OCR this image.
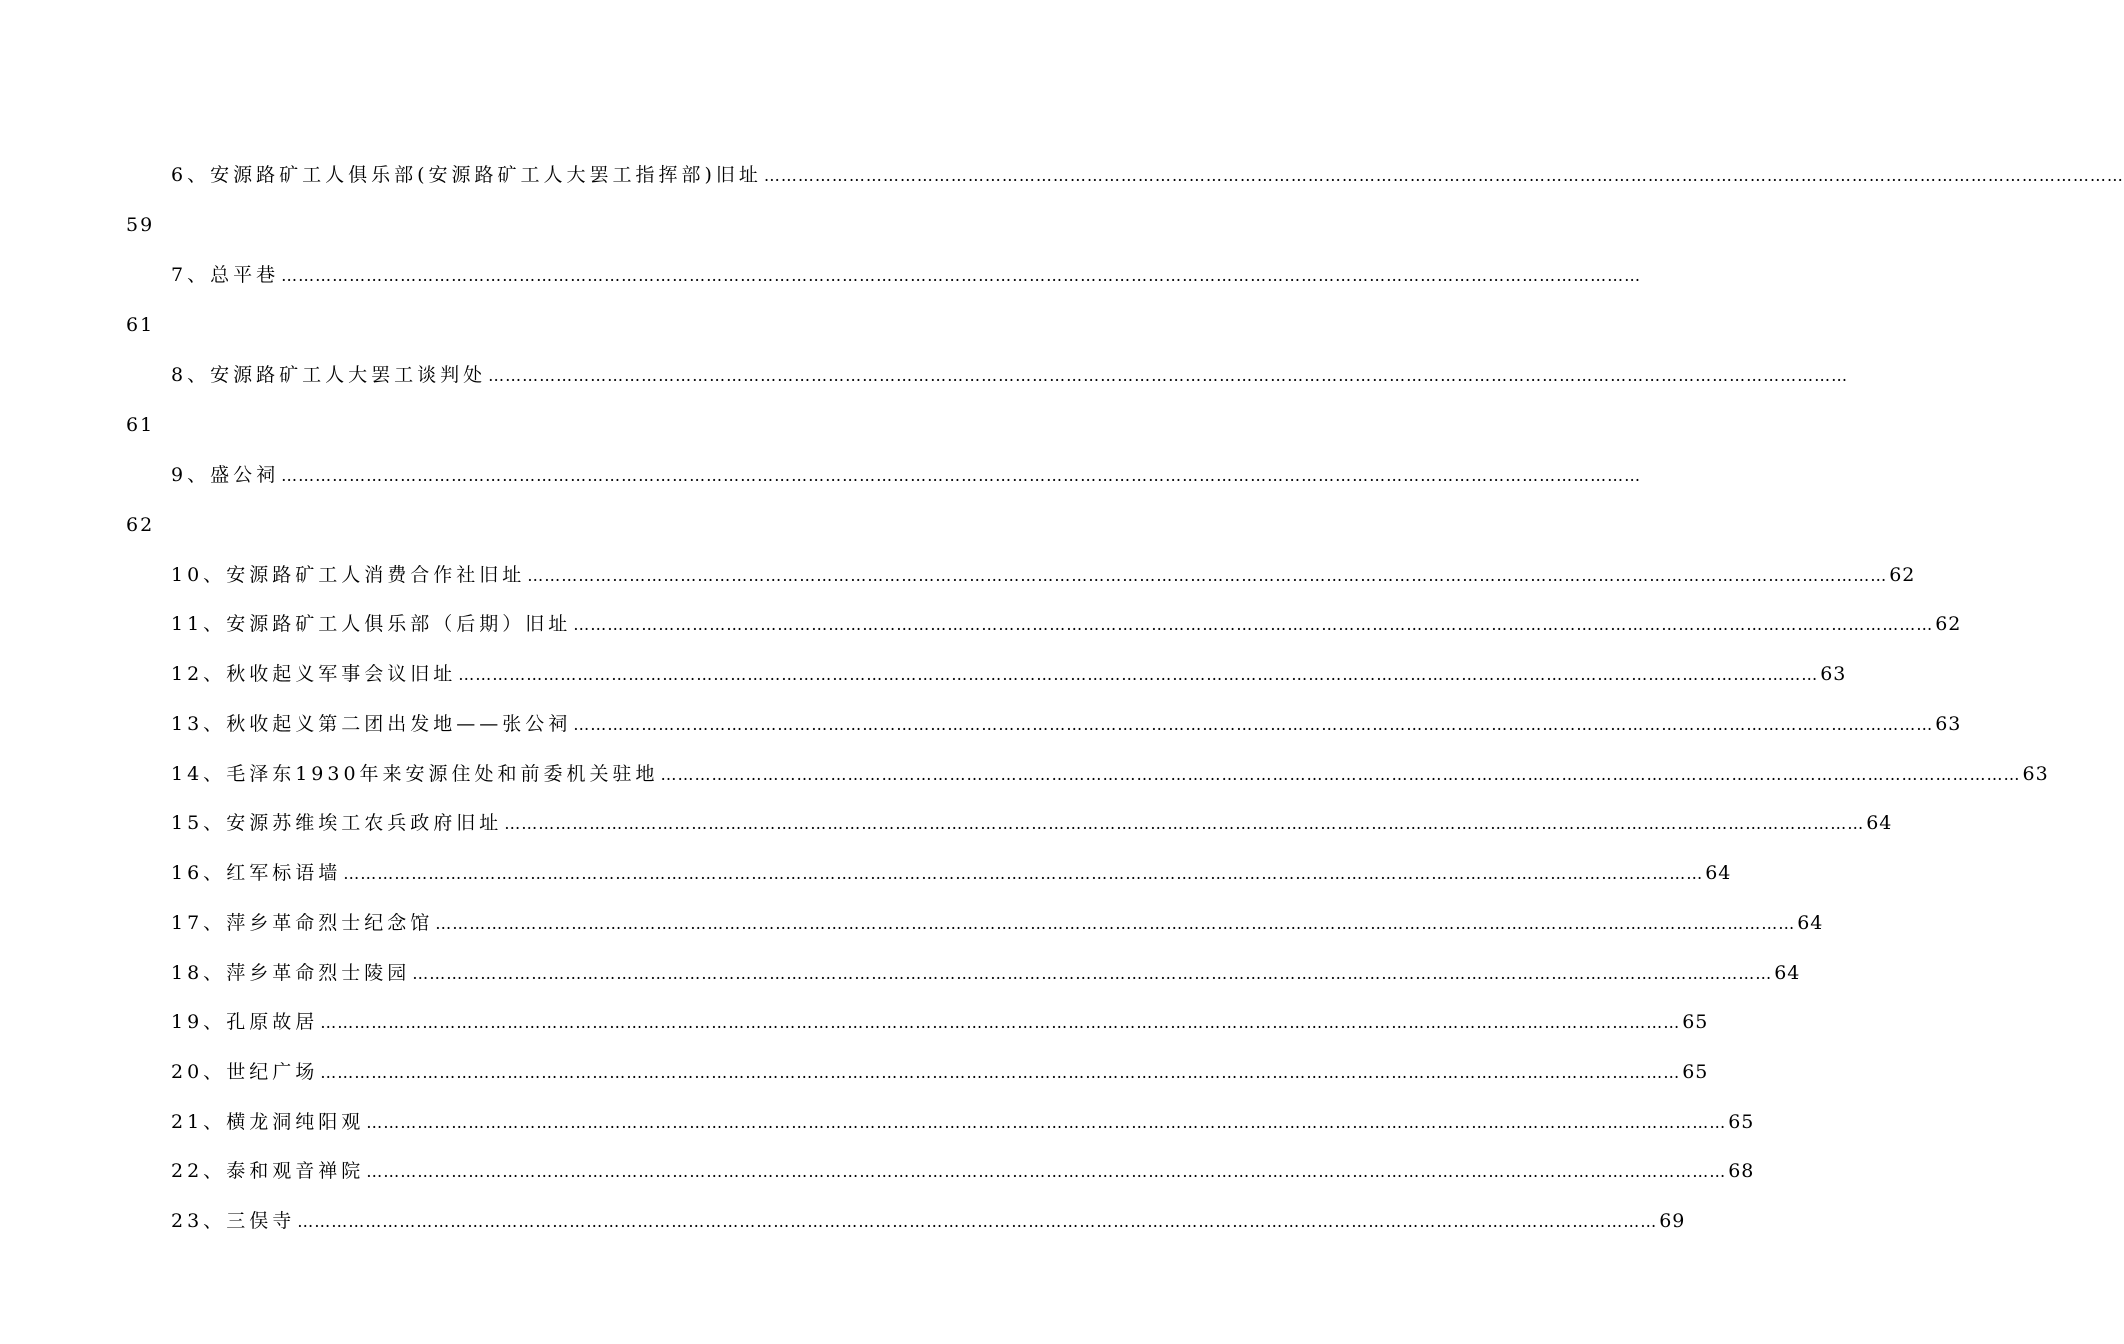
6、 安源路矿工人俱乐部(安源路矿工人大罢工指挥部)旧址 ……………………………………………………………………………………………………………………………………………………………………………………………………………………
59
7、 总平巷 ……………………………………………………………………………………………………………………………………………………………………………………………………………………
61
8、 安源路矿工人大罢工谈判处 ……………………………………………………………………………………………………………………………………………………………………………………………………………………
61
9、 盛公祠 ……………………………………………………………………………………………………………………………………………………………………………………………………………………
62
10、 安源路矿工人消费合作社旧址 …………………………………………………………………………………………………………………………………………………………………………………………………………………… 62
11、 安源路矿工人俱乐部（后期）旧址 …………………………………………………………………………………………………………………………………………………………………………………………………………………… 62
12、 秋收起义军事会议旧址 …………………………………………………………………………………………………………………………………………………………………………………………………………………… 63
13、 秋收起义第二团出发地——张公祠 …………………………………………………………………………………………………………………………………………………………………………………………………………………… 63
14、 毛泽东1930年来安源住处和前委机关驻地 …………………………………………………………………………………………………………………………………………………………………………………………………………………… 63
15、 安源苏维埃工农兵政府旧址 …………………………………………………………………………………………………………………………………………………………………………………………………………………… 64
16、 红军标语墙 …………………………………………………………………………………………………………………………………………………………………………………………………………………… 64
17、 萍乡革命烈士纪念馆 …………………………………………………………………………………………………………………………………………………………………………………………………………………… 64
18、 萍乡革命烈士陵园 …………………………………………………………………………………………………………………………………………………………………………………………………………………… 64
19、 孔原故居 …………………………………………………………………………………………………………………………………………………………………………………………………………………… 65
20、 世纪广场 …………………………………………………………………………………………………………………………………………………………………………………………………………………… 65
21、 横龙洞纯阳观 …………………………………………………………………………………………………………………………………………………………………………………………………………………… 65
22、 泰和观音禅院 …………………………………………………………………………………………………………………………………………………………………………………………………………………… 68
23、 三俣寺 …………………………………………………………………………………………………………………………………………………………………………………………………………………… 69
